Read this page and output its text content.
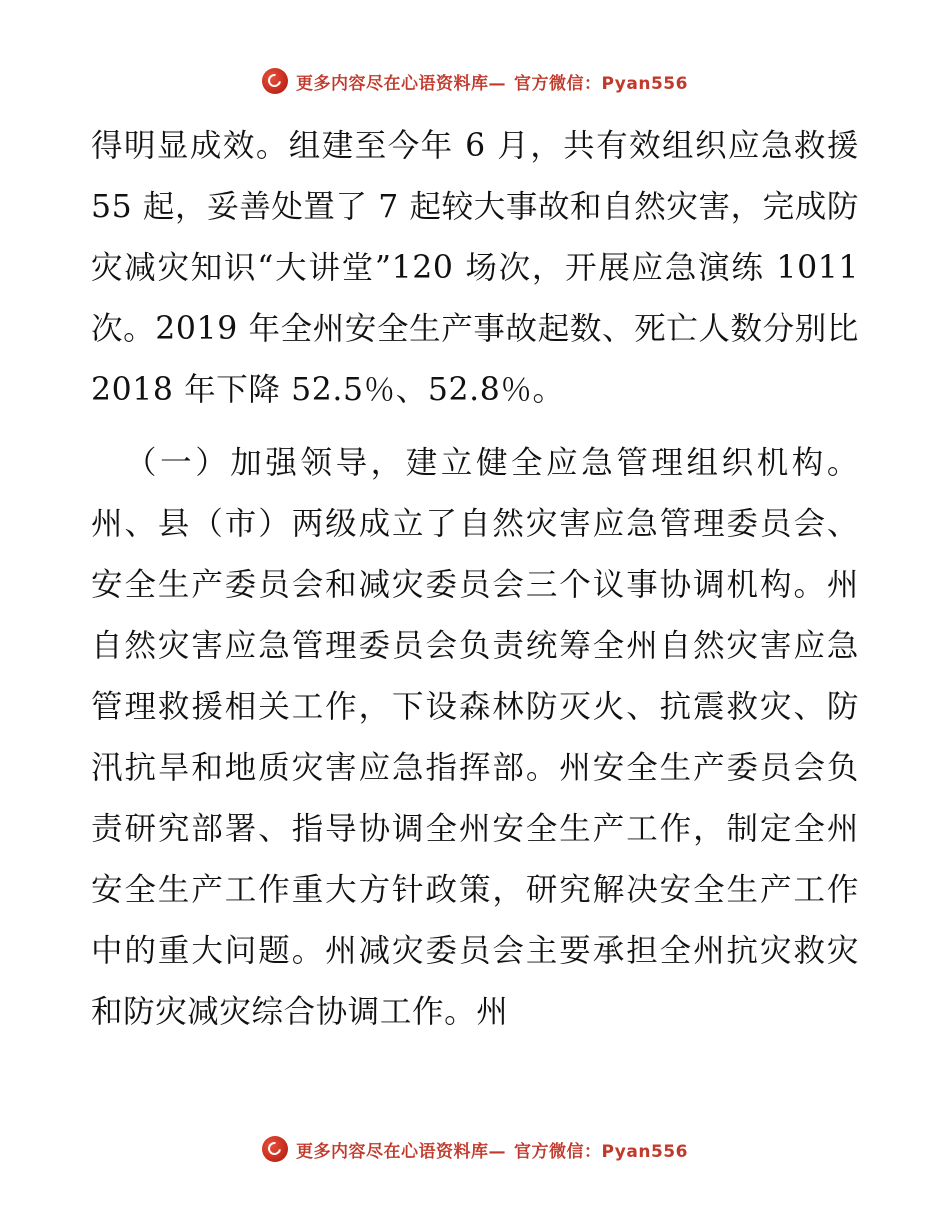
更多内容尽在心语资料库— 官方微信：Pyan556

得明显成效。组建至今年 6 月，共有效组织应急救援 55 起，妥善处置了 7 起较大事故和自然灾害，完成防灾减灾知识“大讲堂”120 场次，开展应急演练 1011 次。2019 年全州安全生产事故起数、死亡人数分别比 2018 年下降 52.5％、52.8％。

（一）加强领导，建立健全应急管理组织机构。州、县（市）两级成立了自然灾害应急管理委员会、安全生产委员会和减灾委员会三个议事协调机构。州自然灾害应急管理委员会负责统筹全州自然灾害应急管理救援相关工作，下设森林防灭火、抗震救灾、防汛抗旱和地质灾害应急指挥部。州安全生产委员会负责研究部署、指导协调全州安全生产工作，制定全州安全生产工作重大方针政策，研究解决安全生产工作中的重大问题。州减灾委员会主要承担全州抗灾救灾和防灾减灾综合协调工作。州

更多内容尽在心语资料库— 官方微信：Pyan556
